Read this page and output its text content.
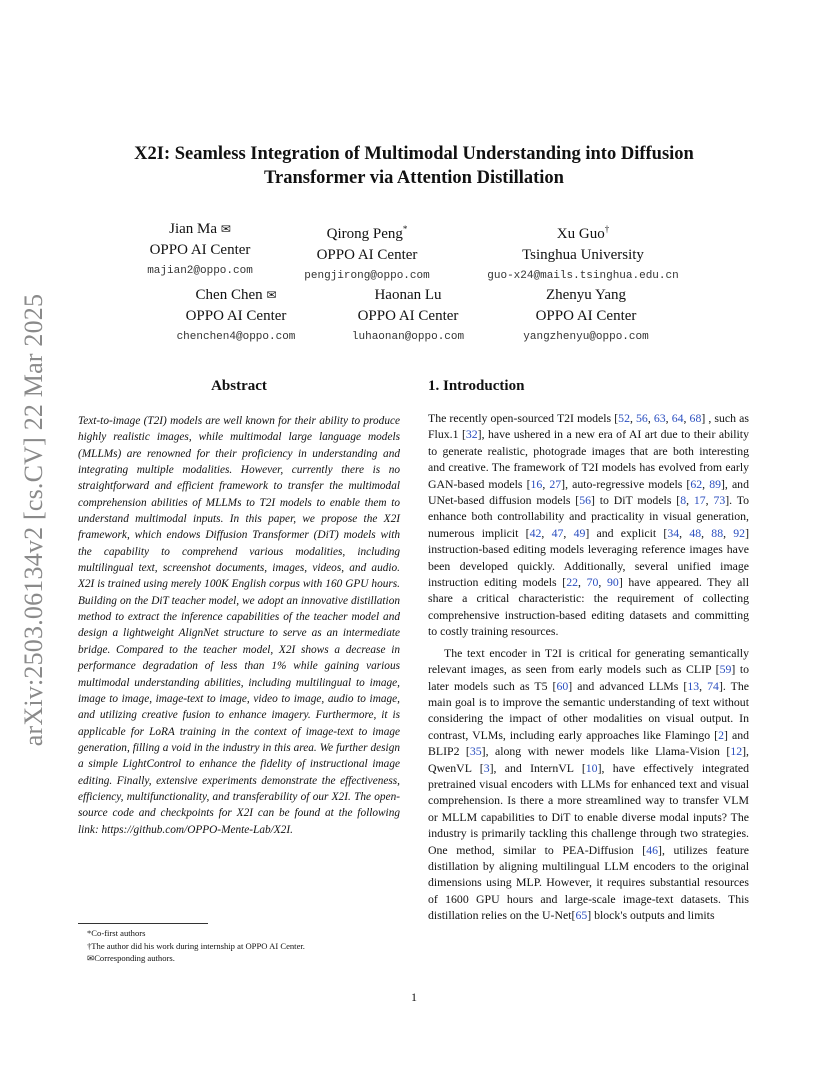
arXiv:2503.06134v2 [cs.CV] 22 Mar 2025
X2I: Seamless Integration of Multimodal Understanding into Diffusion
Transformer via Attention Distillation
Jian Ma ✉
OPPO AI Center
majian2@oppo.com
Qirong Peng*
OPPO AI Center
pengjirong@oppo.com
Xu Guo†
Tsinghua University
guo-x24@mails.tsinghua.edu.cn
Chen Chen ✉
OPPO AI Center
chenchen4@oppo.com
Haonan Lu
OPPO AI Center
luhaonan@oppo.com
Zhenyu Yang
OPPO AI Center
yangzhenyu@oppo.com
Abstract

Text-to-image (T2I) models are well known for their ability to produce highly realistic images, while multimodal large language models (MLLMs) are renowned for their proficiency in understanding and integrating multiple modalities. However, currently there is no straightforward and efficient framework to transfer the multimodal comprehension abilities of MLLMs to T2I models to enable them to understand multimodal inputs. In this paper, we propose the X2I framework, which endows Diffusion Transformer (DiT) models with the capability to comprehend various modalities, including multilingual text, screenshot documents, images, videos, and audio. X2I is trained using merely 100K English corpus with 160 GPU hours. Building on the DiT teacher model, we adopt an innovative distillation method to extract the inference capabilities of the teacher model and design a lightweight AlignNet structure to serve as an intermediate bridge. Compared to the teacher model, X2I shows a decrease in performance degradation of less than 1% while gaining various multimodal understanding abilities, including multilingual to image, image to image, image-text to image, video to image, audio to image, and utilizing creative fusion to enhance imagery. Furthermore, it is applicable for LoRA training in the context of image-text to image generation, filling a void in the industry in this area. We further design a simple LightControl to enhance the fidelity of instructional image editing. Finally, extensive experiments demonstrate the effectiveness, efficiency, multifunctionality, and transferability of our X2I. The open-source code and checkpoints for X2I can be found at the following link: https://github.com/OPPO-Mente-Lab/X2I.

1. Introduction

The recently open-sourced T2I models [52, 56, 63, 64, 68] , such as Flux.1 [32], have ushered in a new era of AI art due to their ability to generate realistic, photograde images that are both interesting and creative. The framework of T2I models has evolved from early GAN-based models [16, 27], auto-regressive models [62, 89], and UNet-based diffusion models [56] to DiT models [8, 17, 73]. To enhance both controllability and practicality in visual generation, numerous implicit [42, 47, 49] and explicit [34, 48, 88, 92] instruction-based editing models leveraging reference images have been developed quickly. Additionally, several unified image instruction editing models [22, 70, 90] have appeared. They all share a critical characteristic: the requirement of collecting comprehensive instruction-based editing datasets and committing to costly training resources.

The text encoder in T2I is critical for generating semantically relevant images, as seen from early models such as CLIP [59] to later models such as T5 [60] and advanced LLMs [13, 74]. The main goal is to improve the semantic understanding of text without considering the impact of other modalities on visual output. In contrast, VLMs, including early approaches like Flamingo [2] and BLIP2 [35], along with newer models like Llama-Vision [12], QwenVL [3], and InternVL [10], have effectively integrated pretrained visual encoders with LLMs for enhanced text and visual comprehension. Is there a more streamlined way to transfer VLM or MLLM capabilities to DiT to enable diverse modal inputs? The industry is primarily tackling this challenge through two strategies. One method, similar to PEA-Diffusion [46], utilizes feature distillation by aligning multilingual LLM encoders to the original dimensions using MLP. However, it requires substantial resources of 1600 GPU hours and large-scale image-text datasets. This distillation relies on the U-Net[65] block's outputs and limits

*Co-first authors
†The author did his work during internship at OPPO AI Center.
✉Corresponding authors.
1
